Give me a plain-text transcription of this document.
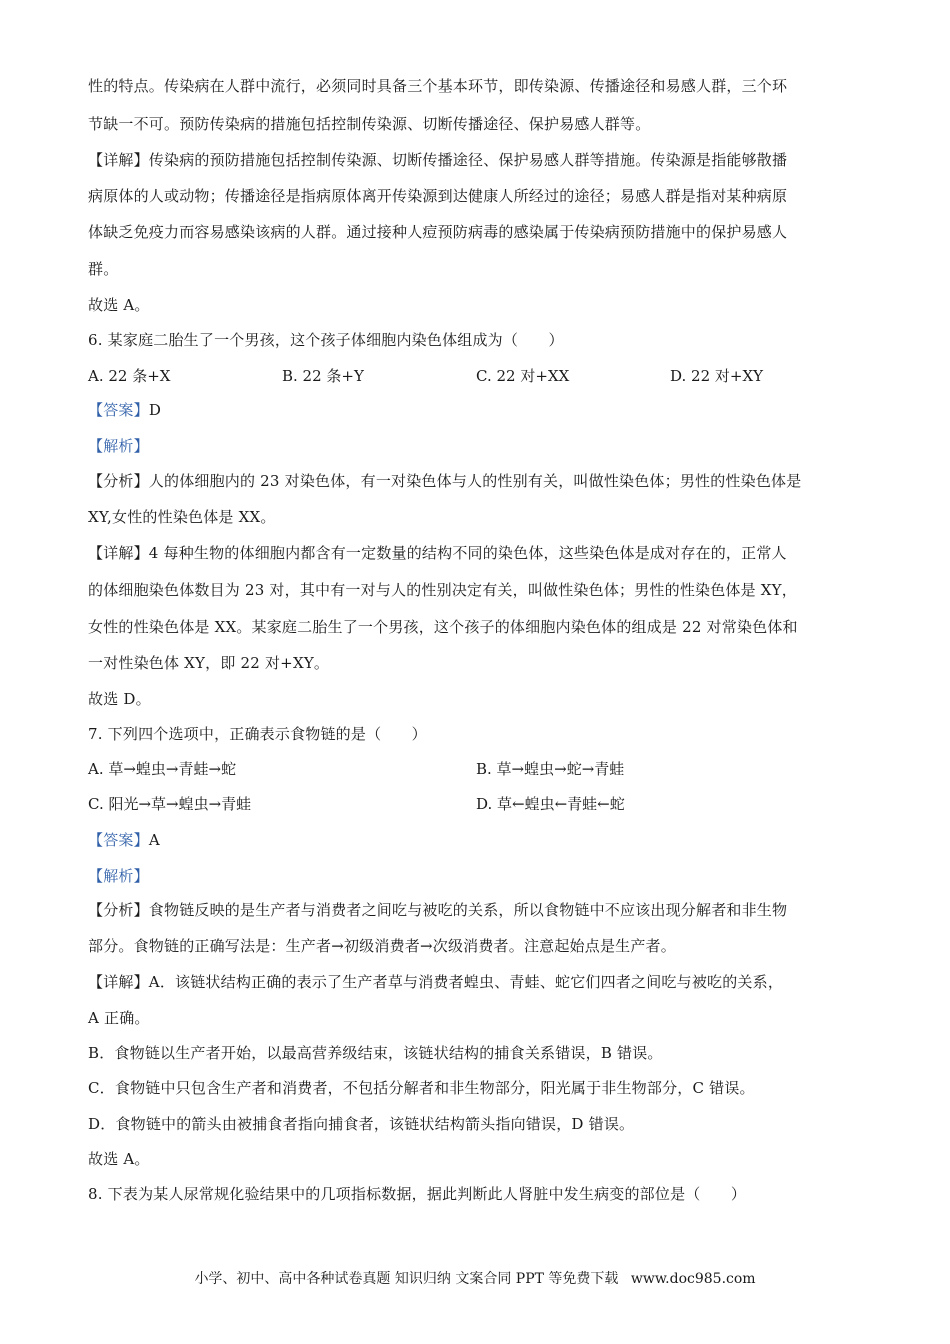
性的特点。传染病在人群中流行，必须同时具备三个基本环节，即传染源、传播途径和易感人群，三个环
节缺一不可。预防传染病的措施包括控制传染源、切断传播途径、保护易感人群等。
【详解】传染病的预防措施包括控制传染源、切断传播途径、保护易感人群等措施。传染源是指能够散播
病原体的人或动物；传播途径是指病原体离开传染源到达健康人所经过的途径；易感人群是指对某种病原
体缺乏免疫力而容易感染该病的人群。通过接种人痘预防病毒的感染属于传染病预防措施中的保护易感人
群。
故选 A。
6. 某家庭二胎生了一个男孩，这个孩子体细胞内染色体组成为（　　）
A. 22 条+X	B. 22 条+Y	C. 22 对+XX	D. 22 对+XY
【答案】D
【解析】
【分析】人的体细胞内的 23 对染色体，有一对染色体与人的性别有关，叫做性染色体；男性的性染色体是
XY,女性的性染色体是 XX。
【详解】4 每种生物的体细胞内都含有一定数量的结构不同的染色体，这些染色体是成对存在的，正常人
的体细胞染色体数目为 23 对，其中有一对与人的性别决定有关，叫做性染色体；男性的性染色体是 XY，
女性的性染色体是 XX。某家庭二胎生了一个男孩，这个孩子的体细胞内染色体的组成是 22 对常染色体和
一对性染色体 XY，即 22 对+XY。
故选 D。
7. 下列四个选项中，正确表示食物链的是（　　）
A. 草→蝗虫→青蛙→蛇	B. 草→蝗虫→蛇→青蛙
C. 阳光→草→蝗虫→青蛙	D. 草←蝗虫←青蛙←蛇
【答案】A
【解析】
【分析】食物链反映的是生产者与消费者之间吃与被吃的关系，所以食物链中不应该出现分解者和非生物
部分。食物链的正确写法是：生产者→初级消费者→次级消费者。注意起始点是生产者。
【详解】A．该链状结构正确的表示了生产者草与消费者蝗虫、青蛙、蛇它们四者之间吃与被吃的关系，
A 正确。
B．食物链以生产者开始，以最高营养级结束，该链状结构的捕食关系错误，B 错误。
C．食物链中只包含生产者和消费者，不包括分解者和非生物部分，阳光属于非生物部分，C 错误。
D．食物链中的箭头由被捕食者指向捕食者，该链状结构箭头指向错误，D 错误。
故选 A。
8. 下表为某人尿常规化验结果中的几项指标数据，据此判断此人肾脏中发生病变的部位是（　　）
小学、初中、高中各种试卷真题 知识归纳 文案合同 PPT 等免费下载 www.doc985.com
